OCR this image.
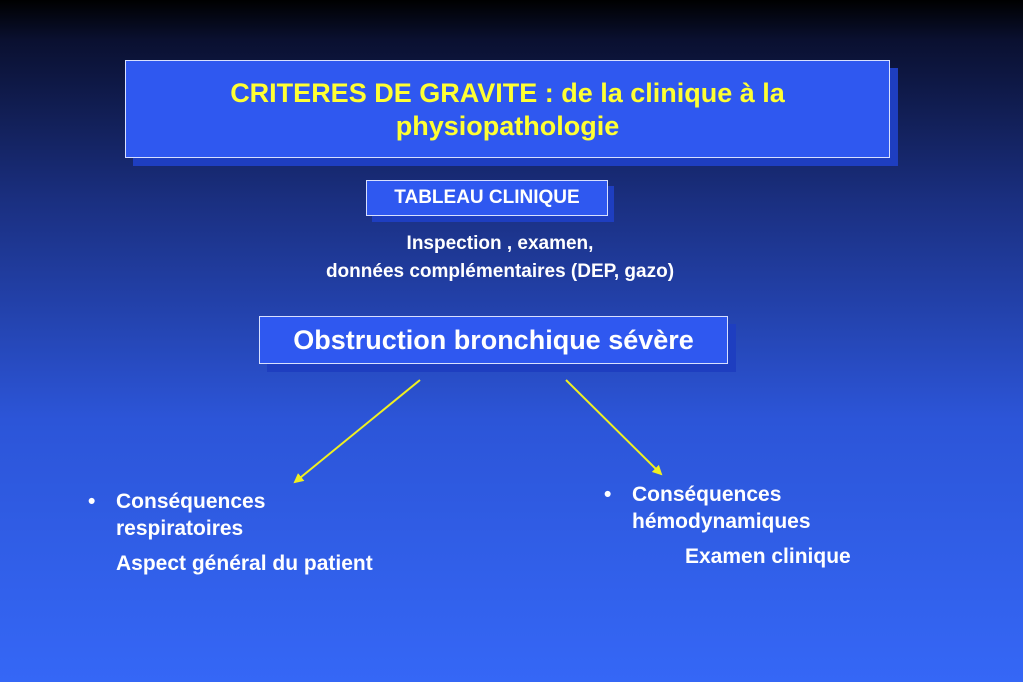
CRITERES DE GRAVITE : de la clinique à la physiopathologie
TABLEAU CLINIQUE
Inspection , examen,
données complémentaires (DEP, gazo)
Obstruction bronchique sévère
• Conséquences
respiratoires
Aspect général du patient
• Conséquences
hémodynamiques
Examen clinique
